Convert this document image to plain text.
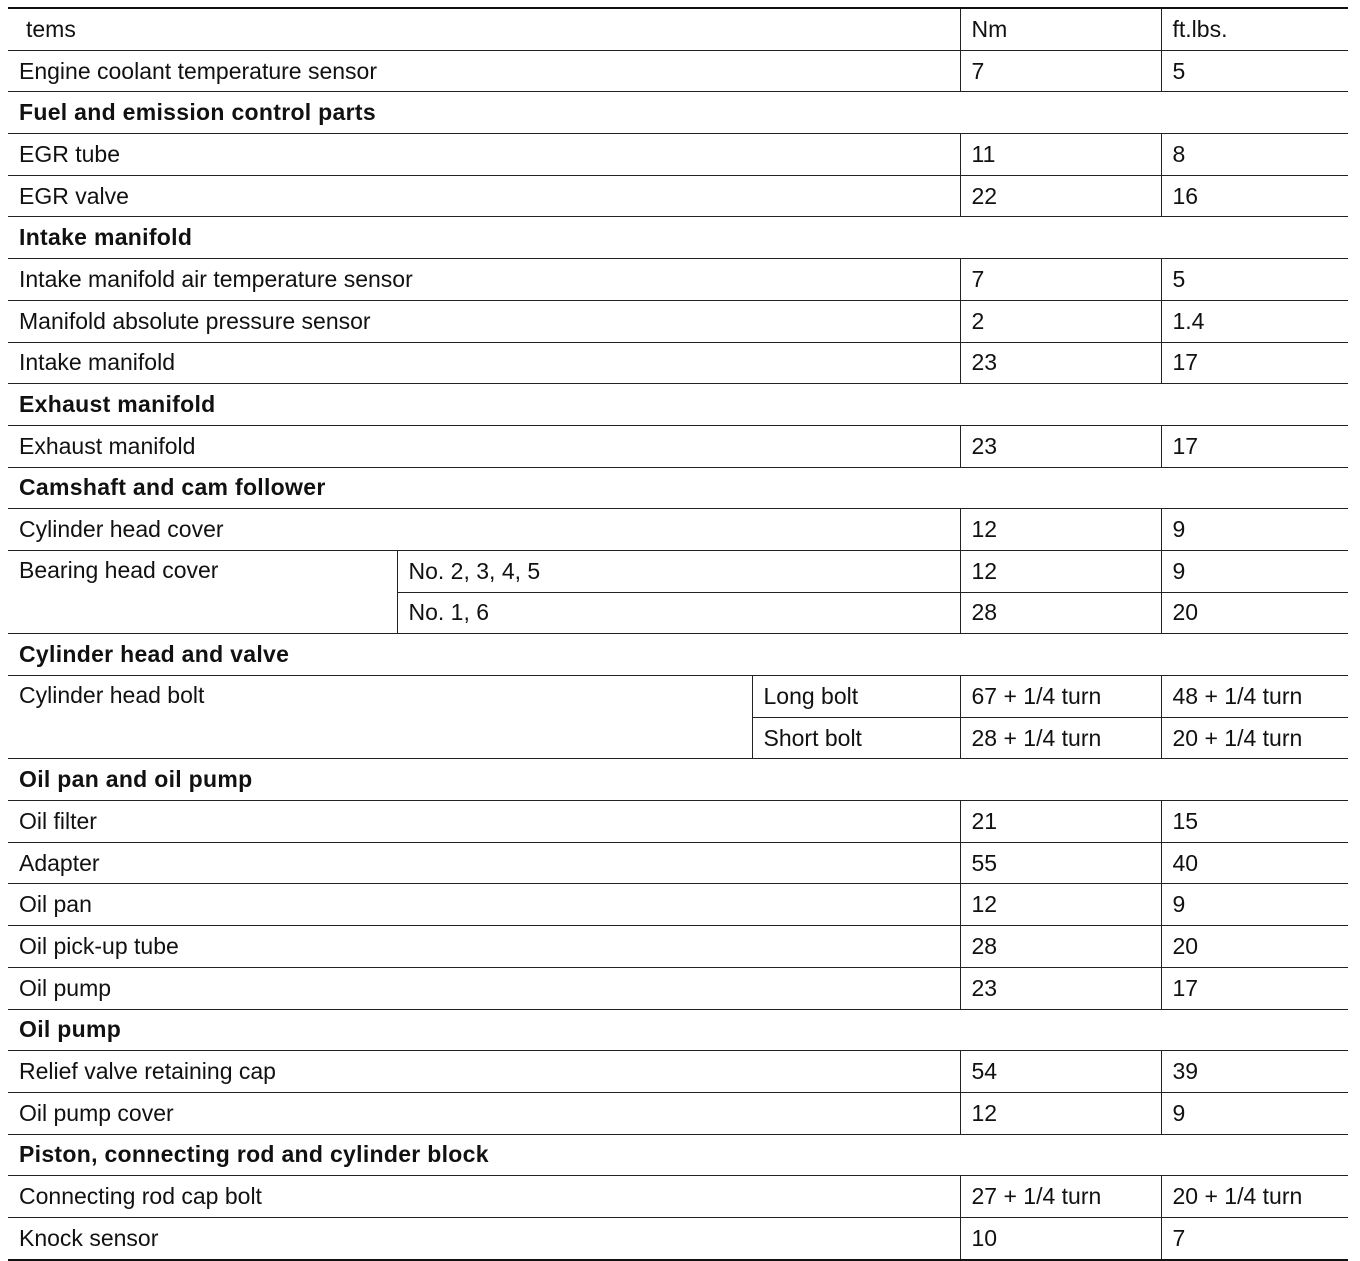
tems			Nm	ft.lbs.
Engine coolant temperature sensor			7	5
Fuel and emission control parts				
EGR tube			11	8
EGR valve			22	16
Intake manifold				
Intake manifold air temperature sensor			7	5
Manifold absolute pressure sensor			2	1.4
Intake manifold			23	17
Exhaust manifold				
Exhaust manifold			23	17
Camshaft and cam follower				
Cylinder head cover			12	9
Bearing head cover	No. 2, 3, 4, 5		12	9
	No. 1, 6		28	20
Cylinder head and valve				
Cylinder head bolt		Long bolt	67 + 1/4 turn	48 + 1/4 turn
		Short bolt	28 + 1/4 turn	20 + 1/4 turn
Oil pan and oil pump				
Oil filter			21	15
Adapter			55	40
Oil pan			12	9
Oil pick-up tube			28	20
Oil pump			23	17
Oil pump				
Relief valve retaining cap			54	39
Oil pump cover			12	9
Piston, connecting rod and cylinder block				
Connecting rod cap bolt			27 + 1/4 turn	20 + 1/4 turn
Knock sensor			10	7
